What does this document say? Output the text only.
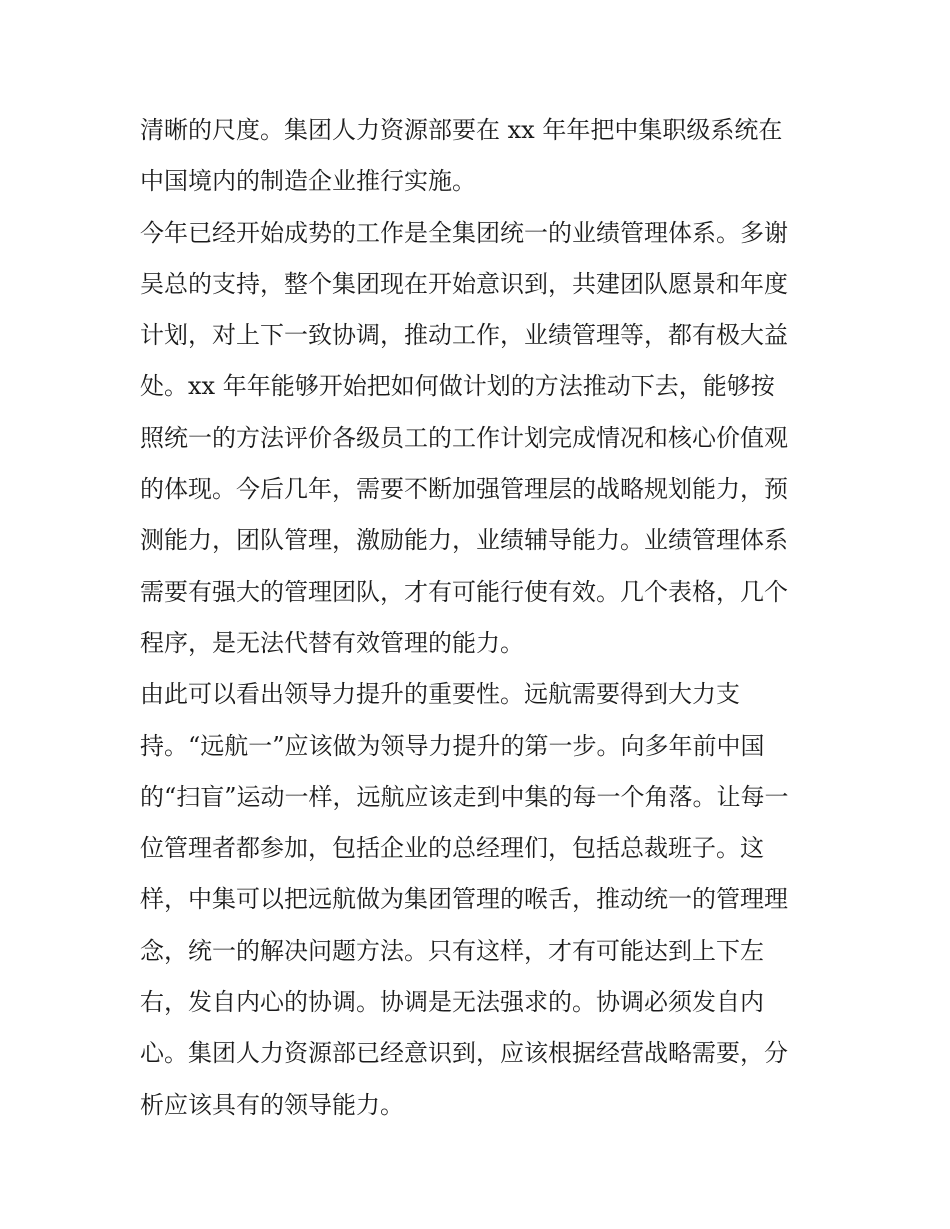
清晰的尺度。集团人力资源部要在 xx 年年把中集职级系统在
中国境内的制造企业推行实施。
今年已经开始成势的工作是全集团统一的业绩管理体系。多谢
吴总的支持，整个集团现在开始意识到，共建团队愿景和年度
计划，对上下一致协调，推动工作，业绩管理等，都有极大益
处。xx 年年能够开始把如何做计划的方法推动下去，能够按
照统一的方法评价各级员工的工作计划完成情况和核心价值观
的体现。今后几年，需要不断加强管理层的战略规划能力，预
测能力，团队管理，激励能力，业绩辅导能力。业绩管理体系
需要有强大的管理团队，才有可能行使有效。几个表格，几个
程序，是无法代替有效管理的能力。
由此可以看出领导力提升的重要性。远航需要得到大力支
持。“远航一”应该做为领导力提升的第一步。向多年前中国
的“扫盲”运动一样，远航应该走到中集的每一个角落。让每一
位管理者都参加，包括企业的总经理们，包括总裁班子。这
样，中集可以把远航做为集团管理的喉舌，推动统一的管理理
念，统一的解决问题方法。只有这样，才有可能达到上下左
右，发自内心的协调。协调是无法强求的。协调必须发自内
心。集团人力资源部已经意识到，应该根据经营战略需要，分
析应该具有的领导能力。
